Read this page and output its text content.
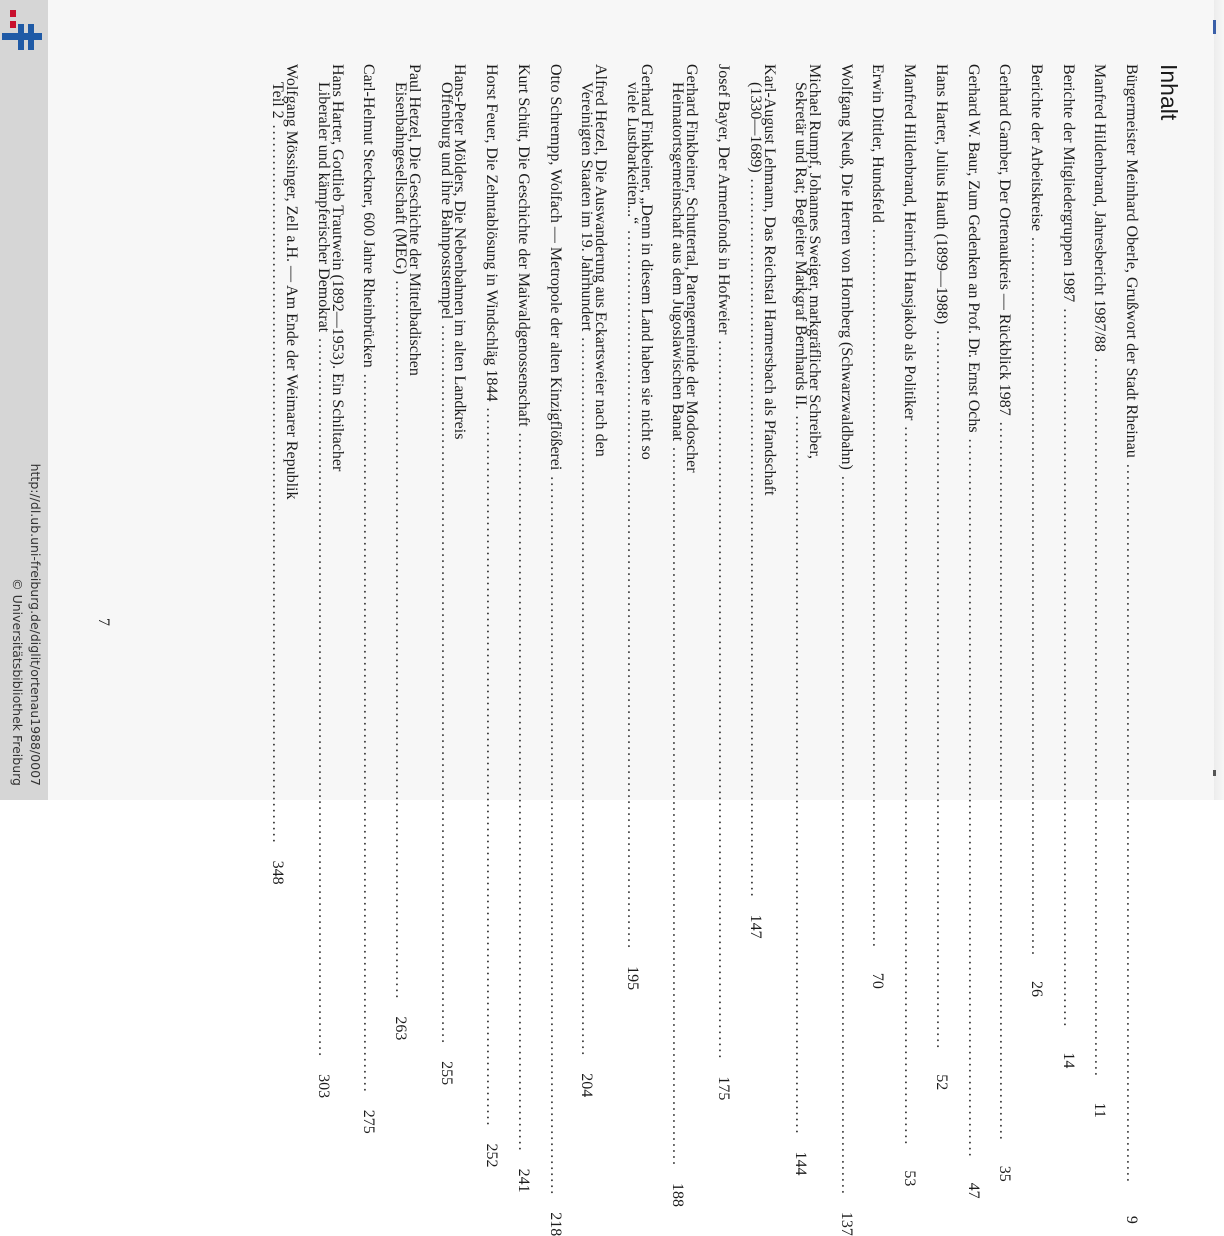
http://dl.ub.uni-freiburg.de/diglit/ortenau1988/0007
© Universitätsbibliothek Freiburg
Inhalt
Bürgermeister Meinhard Oberle, Grußwort der Stadt Rheinau
........................................................................................................................
9
Manfred Hildenbrand, Jahresbericht 1987/88
........................................................................................................................
11
Berichte der Mitgliedergruppen 1987
........................................................................................................................
14
Berichte der Arbeitskreise
........................................................................................................................
26
Gerhard Gamber, Der Ortenaukreis — Rückblick 1987
........................................................................................................................
35
Gerhard W. Baur, Zum Gedenken an Prof. Dr. Ernst Ochs
........................................................................................................................
47
Hans Harter, Julius Hauth (1899—1988)
........................................................................................................................
52
Manfred Hildenbrand, Heinrich Hansjakob als Politiker
........................................................................................................................
53
Erwin Dittler, Hundsfeld
........................................................................................................................
70
Wolfgang Neuß, Die Herren von Hornberg (Schwarzwaldbahn)
........................................................................................................................
137
Michael Rumpf, Johannes Sweiger, markgräflicher Schreiber,
Sekretär und Rat; Begleiter Markgraf Bernhards II.
........................................................................................................................
144
Karl-August Lehmann, Das Reichstal Harmersbach als Pfandschaft
(1330—1689)
........................................................................................................................
147
Josef Bayer, Der Armenfonds in Hofweier
........................................................................................................................
175
Gerhard Finkbeiner, Schuttertal, Patengemeinde der Modoscher
Heimatortsgemeinschaft aus dem Jugoslawischen Banat
........................................................................................................................
188
Gerhard Finkbeiner, „Denn in diesem Land haben sie nicht so
viele Lustbarkeiten...“
........................................................................................................................
195
Alfred Hetzel, Die Auswanderung aus Eckartsweier nach den
Vereinigten Staaten im 19. Jahrhundert
........................................................................................................................
204
Otto Schrempp, Wolfach — Metropole der alten Kinzigflößerei
........................................................................................................................
218
Kurt Schütt, Die Geschichte der Maiwaldgenossenschaft
........................................................................................................................
241
Horst Feuer, Die Zehntablösung in Windschläg 1844
........................................................................................................................
252
Hans-Peter Mölders, Die Nebenbahnen im alten Landkreis
Offenburg und ihre Bahnpoststempel
........................................................................................................................
255
Paul Hetzel, Die Geschichte der Mittelbadischen
Eisenbahngesellschaft (MEG)
........................................................................................................................
263
Carl-Helmut Steckner, 600 Jahre Rheinbrücken
........................................................................................................................
275
Hans Harter, Gottlieb Trautwein (1892—1953). Ein Schiltacher
Liberaler und kämpferischer Demokrat
........................................................................................................................
303
Wolfgang Mössinger, Zell a.H. — Am Ende der Weimarer Republik
Teil 2
........................................................................................................................
348
7
